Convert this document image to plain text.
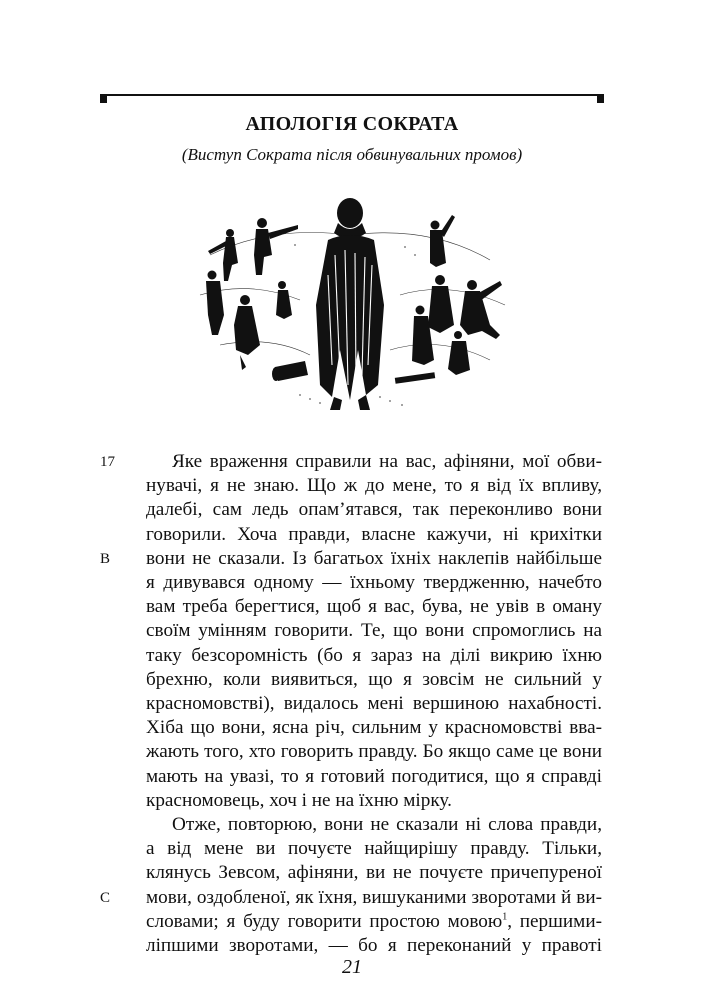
АПОЛОГІЯ СОКРАТА
(Виступ Сократа після обвинувальних промов)
17
B
C
Яке враження справили на вас, афіняни, мої обви-
нувачі, я не знаю. Що ж до мене, то я від їх впливу,
далебі, сам ледь опам’ятався, так переконливо вони
говорили. Хоча правди, власне кажучи, ні крихітки
вони не сказали. Із багатьох їхніх наклепів найбільше
я дивувався одному — їхньому твердженню, начебто
вам треба берегтися, щоб я вас, бува, не увів в оману
своїм умінням говорити. Те, що вони спромоглись на
таку безсоромність (бо я зараз на ділі викрию їхню
брехню, коли виявиться, що я зовсім не сильний у
красномовстві), видалось мені вершиною нахабності.
Хіба що вони, ясна річ, сильним у красномовстві вва-
жають того, хто говорить правду. Бо якщо саме це вони
мають на увазі, то я готовий погодитися, що я справді
красномовець, хоч і не на їхню мірку.
Отже, повторюю, вони не сказали ні слова правди,
а від мене ви почуєте найщирішу правду. Тільки,
клянусь Зевсом, афіняни, ви не почуєте причепуреної
мови, оздобленої, як їхня, вишуканими зворотами й ви-
словами; я буду говорити простою мовою$^1$, першими-
ліпшими зворотами, — бо я переконаний у правоті
21
